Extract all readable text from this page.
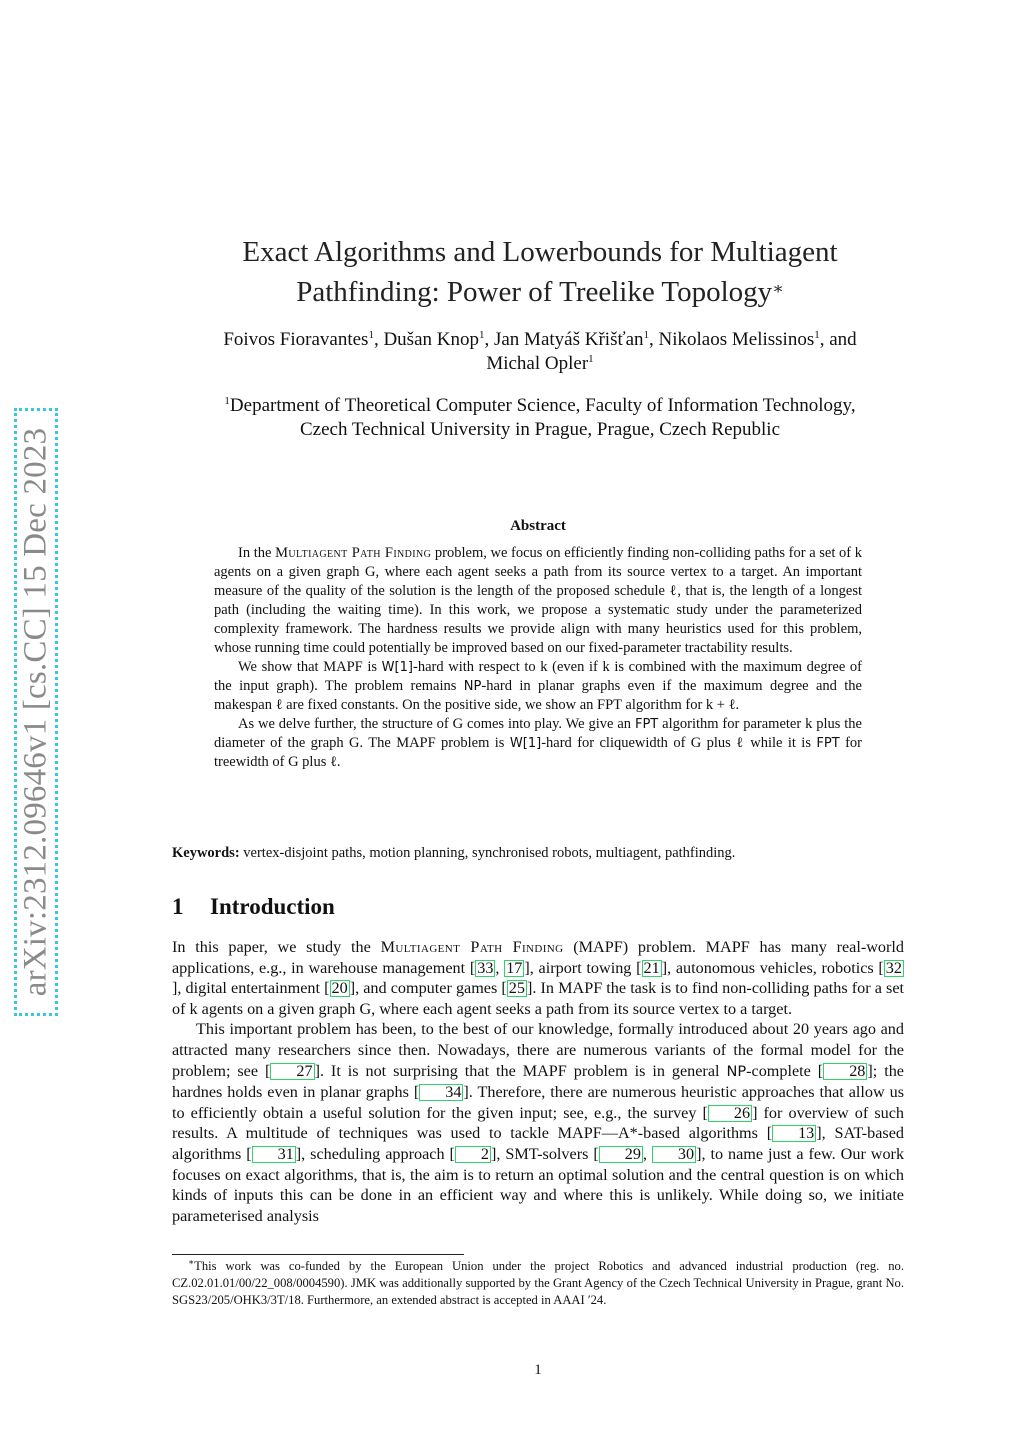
arXiv:2312.09646v1 [cs.CC] 15 Dec 2023
Exact Algorithms and Lowerbounds for Multiagent
Pathfinding: Power of Treelike Topology∗
Foivos Fioravantes$^1$, Dušan Knop$^1$, Jan Matyáš Křišťan$^1$, Nikolaos Melissinos$^1$, and
Michal Opler$^1$
$^1$Department of Theoretical Computer Science, Faculty of Information Technology,
Czech Technical University in Prague, Prague, Czech Republic
Abstract

In the Multiagent Path Finding problem, we focus on efficiently finding non-colliding paths for a set of k agents on a given graph G, where each agent seeks a path from its source vertex to a target. An important measure of the quality of the solution is the length of the proposed schedule ℓ, that is, the length of a longest path (including the waiting time). In this work, we propose a systematic study under the parameterized complexity framework. The hardness results we provide align with many heuristics used for this problem, whose running time could potentially be improved based on our fixed-parameter tractability results.

We show that MAPF is W[1]-hard with respect to k (even if k is combined with the maximum degree of the input graph). The problem remains NP-hard in planar graphs even if the maximum degree and the makespan ℓ are fixed constants. On the positive side, we show an FPT algorithm for k + ℓ.

As we delve further, the structure of G comes into play. We give an FPT algorithm for parameter k plus the diameter of the graph G. The MAPF problem is W[1]-hard for cliquewidth of G plus ℓ while it is FPT for treewidth of G plus ℓ.

Keywords: vertex-disjoint paths, motion planning, synchronised robots, multiagent, pathfinding.
1 Introduction

In this paper, we study the Multiagent Path Finding (MAPF) problem. MAPF has many real-world applications, e.g., in warehouse management [ 33 , 17 ], airport towing [ 21 ], autonomous vehicles, robotics [ 32], digital entertainment [ 20 ], and computer games [ 25 ]. In MAPF the task is to find non-colliding paths for a set of k agents on a given graph G, where each agent seeks a path from its source vertex to a target.

This important problem has been, to the best of our knowledge, formally introduced about 20 years ago and attracted many researchers since then. Nowadays, there are numerous variants of the formal model for the problem; see [ 27 ]. It is not surprising that the MAPF problem is in general NP-complete [ 28 ]; the hardnes holds even in planar graphs [ 34 ]. Therefore, there are numerous heuristic approaches that allow us to efficiently obtain a useful solution for the given input; see, e.g., the survey [ 26 ] for overview of such results. A multitude of techniques was used to tackle MAPF—A*-based algorithms [ 13 ], SAT-based algorithms [ 31 ], scheduling approach [ 2 ], SMT-solvers [ 29 , 30 ], to name just a few. Our work focuses on exact algorithms, that is, the aim is to return an optimal solution and the central question is on which kinds of inputs this can be done in an efficient way and where this is unlikely. While doing so, we initiate parameterised analysis

∗This work was co-funded by the European Union under the project Robotics and advanced industrial production (reg. no. CZ.02.01.01/00/22_008/0004590). JMK was additionally supported by the Grant Agency of the Czech Technical University in Prague, grant No. SGS23/205/OHK3/3T/18. Furthermore, an extended abstract is accepted in AAAI ′24.

1
